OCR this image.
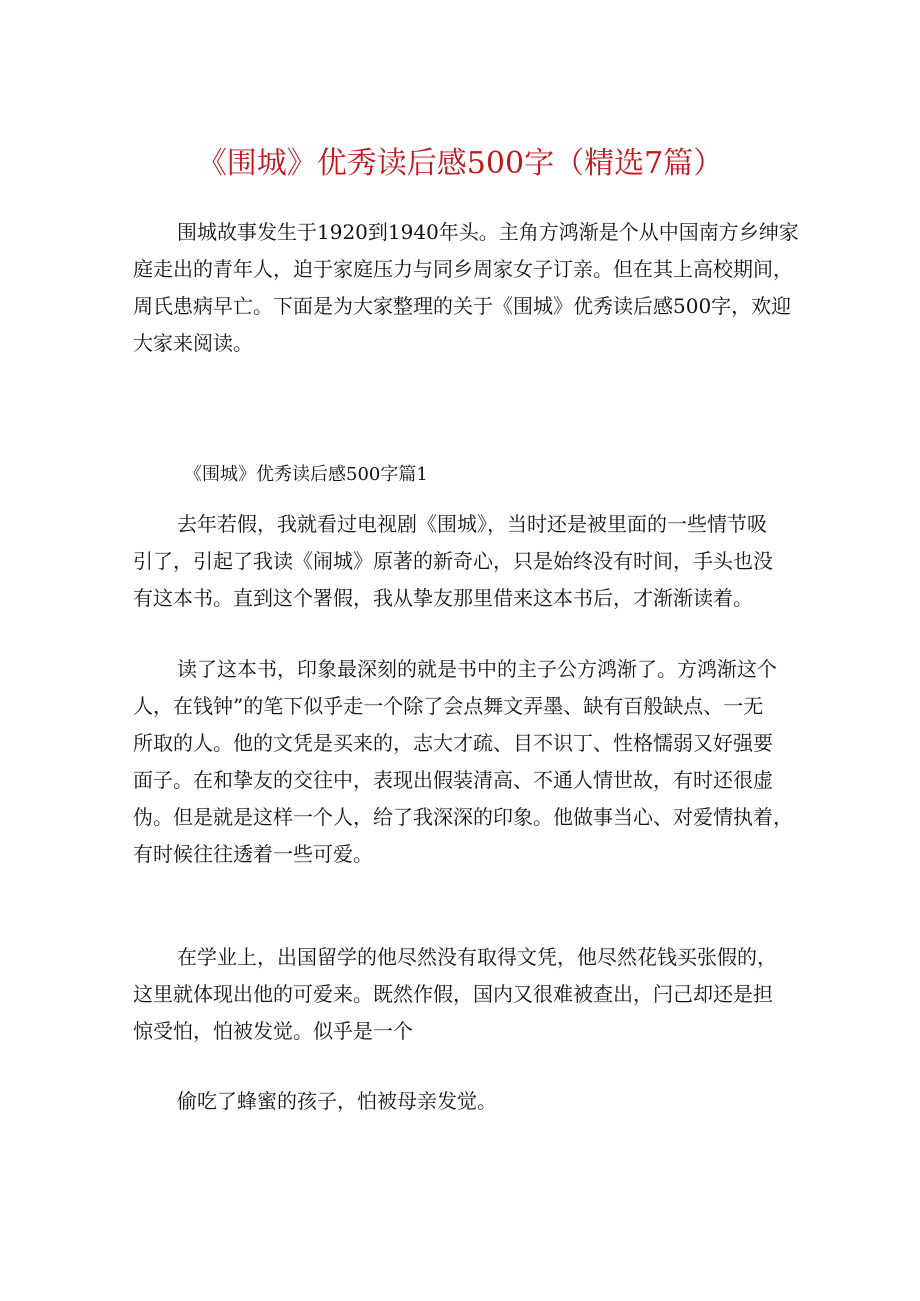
《围城》优秀读后感500字（精选7篇）

围城故事发生于1920到1940年头。主角方鸿渐是个从中国南方乡绅家
庭走出的青年人，迫于家庭压力与同乡周家女子订亲。但在其上高校期间，
周氏患病早亡。下面是为大家整理的关于《围城》优秀读后感500字，欢迎
大家来阅读。

《围城》优秀读后感500字篇1

去年若假，我就看过电视剧《围城》，当时还是被里面的一些情节吸
引了，引起了我读《闹城》原著的新奇心，只是始终没有时间，手头也没
有这本书。直到这个署假，我从挚友那里借来这本书后，才渐渐读着。

读了这本书，印象最深刻的就是书中的主子公方鸿渐了。方鸿渐这个
人，在钱钟”的笔下似乎走一个除了会点舞文弄墨、缺有百般缺点、一无
所取的人。他的文凭是买来的，志大才疏、目不识丁、性格懦弱又好强要
面子。在和挚友的交往中，表现出假装清高、不通人情世故，有时还很虚
伪。但是就是这样一个人，给了我深深的印象。他做事当心、对爱情执着，
有时候往往透着一些可爱。

在学业上，出国留学的他尽然没有取得文凭，他尽然花钱买张假的，
这里就体现出他的可爱来。既然作假，国内又很难被查出，闩己却还是担
惊受怕，怕被发觉。似乎是一个

偷吃了蜂蜜的孩子，怕被母亲发觉。
